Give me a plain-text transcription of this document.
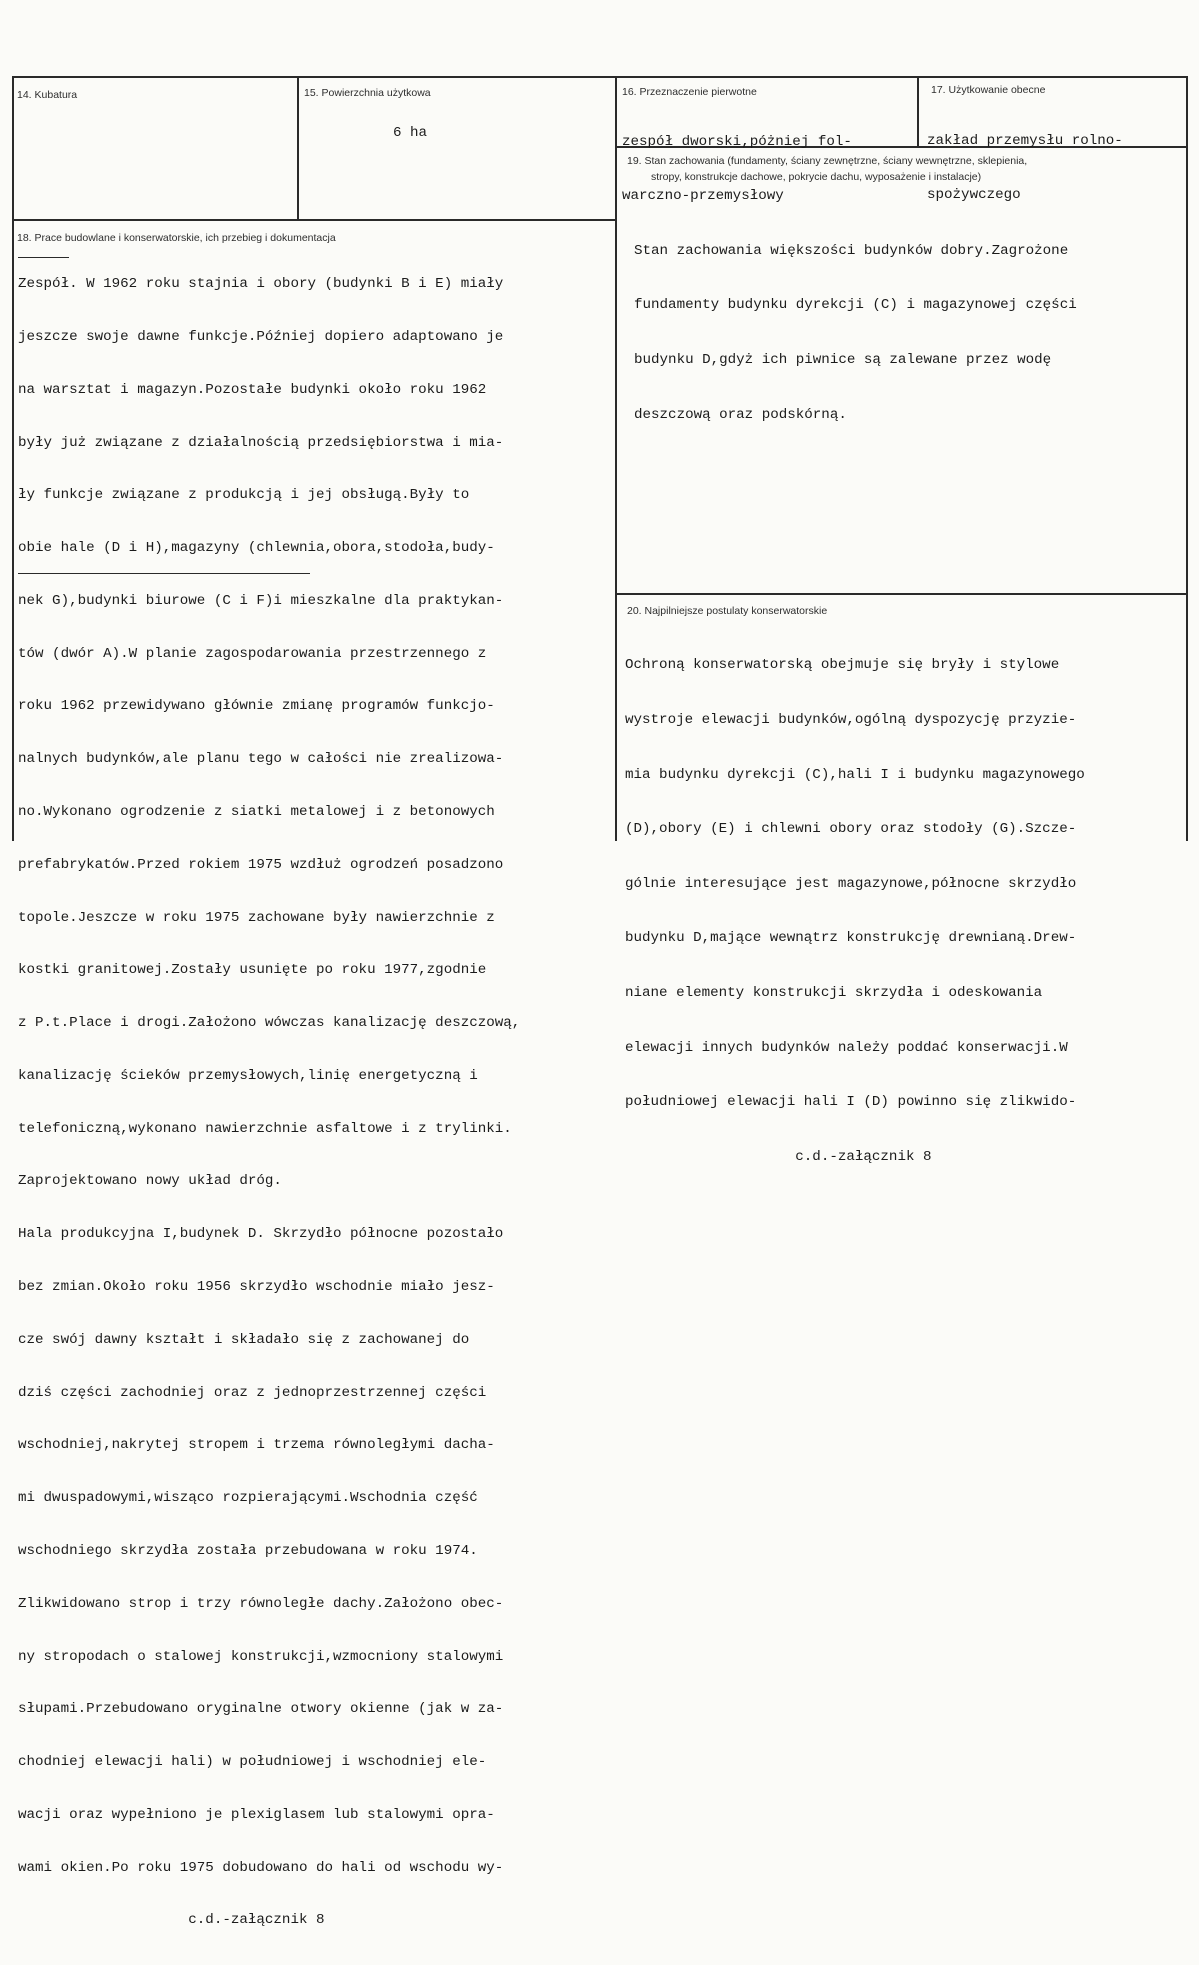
14. Kubatura	15. Powierzchnia użytkowa
6 ha
16. Przeznaczenie pierwotne

zespół dworski,póżniej fol-

warczno-przemysłowy

17. Użytkowanie obecne

zakład przemysłu rolno-

spożywczego

19. Stan zachowania (fundamenty, ściany zewnętrzne, ściany wewnętrzne, sklepienia,
stropy, konstrukcje dachowe, pokrycie dachu, wyposażenie i instalacje)

Stan zachowania większości budynków dobry.Zagrożone

fundamenty budynku dyrekcji (C) i magazynowej części

budynku D,gdyż ich piwnice są zalewane przez wodę

deszczową oraz podskórną.

18. Prace budowlane i konserwatorskie, ich przebieg i dokumentacja

Zespół. W 1962 roku stajnia i obory (budynki B i E) miały

jeszcze swoje dawne funkcje.Później dopiero adaptowano je

na warsztat i magazyn.Pozostałe budynki około roku 1962

były już związane z działalnością przedsiębiorstwa i mia-

ły funkcje związane z produkcją i jej obsługą.Były to

obie hale (D i H),magazyny (chlewnia,obora,stodoła,budy-

nek G),budynki biurowe (C i F)i mieszkalne dla praktykan-

tów (dwór A).W planie zagospodarowania przestrzennego z

roku 1962 przewidywano głównie zmianę programów funkcjo-

nalnych budynków,ale planu tego w całości nie zrealizowa-

no.Wykonano ogrodzenie z siatki metalowej i z betonowych

prefabrykatów.Przed rokiem 1975 wzdłuż ogrodzeń posadzono

topole.Jeszcze w roku 1975 zachowane były nawierzchnie z

kostki granitowej.Zostały usunięte po roku 1977,zgodnie

z P.t.Place i drogi.Założono wówczas kanalizację deszczową,

kanalizację ścieków przemysłowych,linię energetyczną i

telefoniczną,wykonano nawierzchnie asfaltowe i z trylinki.

Zaprojektowano nowy układ dróg.

Hala produkcyjna I,budynek D. Skrzydło północne pozostało

bez zmian.Około roku 1956 skrzydło wschodnie miało jesz-

cze swój dawny kształt i składało się z zachowanej do

dziś części zachodniej oraz z jednoprzestrzennej części

wschodniej,nakrytej stropem i trzema równoległymi dacha-

mi dwuspadowymi,wisząco rozpierającymi.Wschodnia część

wschodniego skrzydła została przebudowana w roku 1974.

Zlikwidowano strop i trzy równoległe dachy.Założono obec-

ny stropodach o stalowej konstrukcji,wzmocniony stalowymi

słupami.Przebudowano oryginalne otwory okienne (jak w za-

chodniej elewacji hali) w południowej i wschodniej ele-

wacji oraz wypełniono je plexiglasem lub stalowymi opra-

wami okien.Po roku 1975 dobudowano do hali od wschodu wy-

c.d.-załącznik 8

20. Najpilniejsze postulaty konserwatorskie

Ochroną konserwatorską obejmuje się bryły i stylowe

wystroje elewacji budynków,ogólną dyspozycję przyzie-

mia budynku dyrekcji (C),hali I i budynku magazynowego

(D),obory (E) i chlewni obory oraz stodoły (G).Szcze-

gólnie interesujące jest magazynowe,północne skrzydło

budynku D,mające wewnątrz konstrukcję drewnianą.Drew-

niane elementy konstrukcji skrzydła i odeskowania

elewacji innych budynków należy poddać konserwacji.W

południowej elewacji hali I (D) powinno się zlikwido-

c.d.-załącznik 8
